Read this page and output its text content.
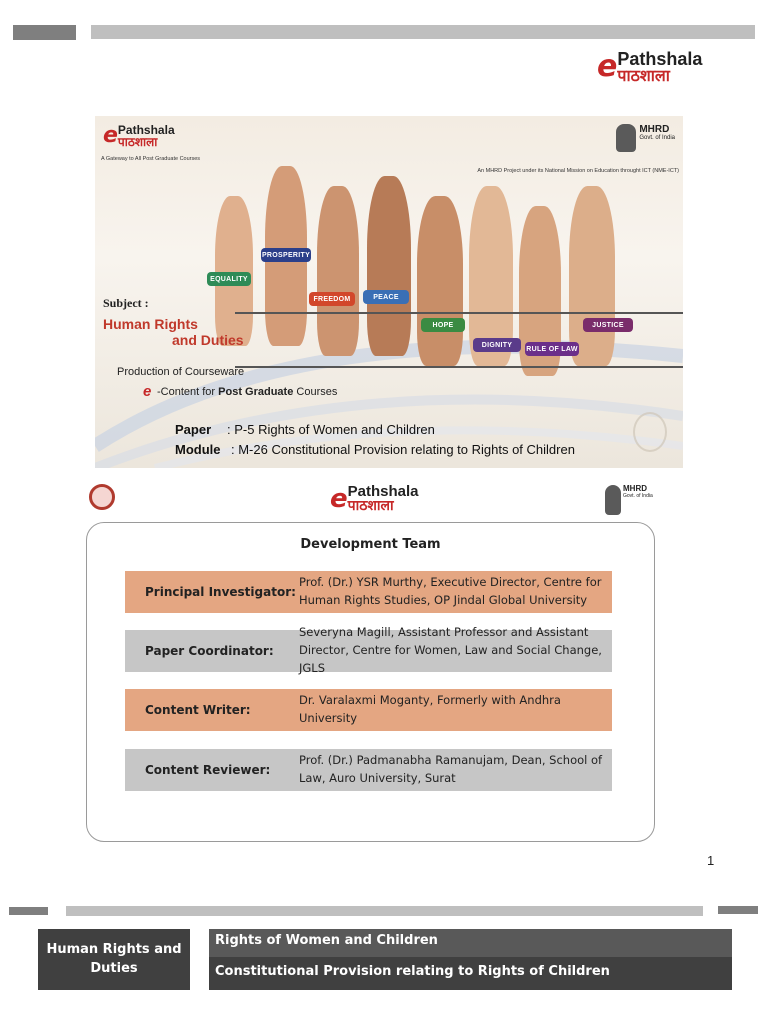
e Pathshala
पाठशाला
e Pathshala
पाठशाला
A Gateway to All Post Graduate Courses
MHRD
Govt. of India
An MHRD Project under its National Mission on Education throught ICT (NME-ICT)
EQUALITY
PROSPERITY
FREEDOM	PEACE
HOPE
DIGNITY
RULE OF LAW
JUSTICE
Subject :
Human Rights
and Duties
Production of Courseware
e -Content for Post Graduate Courses
Paper : P-5 Rights of Women and Children
Module : M-26 Constitutional Provision relating to Rights of Children
e Pathshala
पाठशाला
MHRD
Govt. of India
Development Team
Principal Investigator:
Prof. (Dr.) YSR Murthy, Executive Director, Centre for Human Rights Studies, OP Jindal Global University
Paper Coordinator:
Severyna Magill, Assistant Professor and Assistant Director, Centre for Women, Law and Social Change, JGLS
Content Writer:
Dr. Varalaxmi Moganty, Formerly with Andhra University
Content Reviewer:
Prof. (Dr.) Padmanabha Ramanujam, Dean, School of Law, Auro University, Surat
1
Human Rights and Duties
Rights of Women and Children
Constitutional Provision relating to Rights of Children
